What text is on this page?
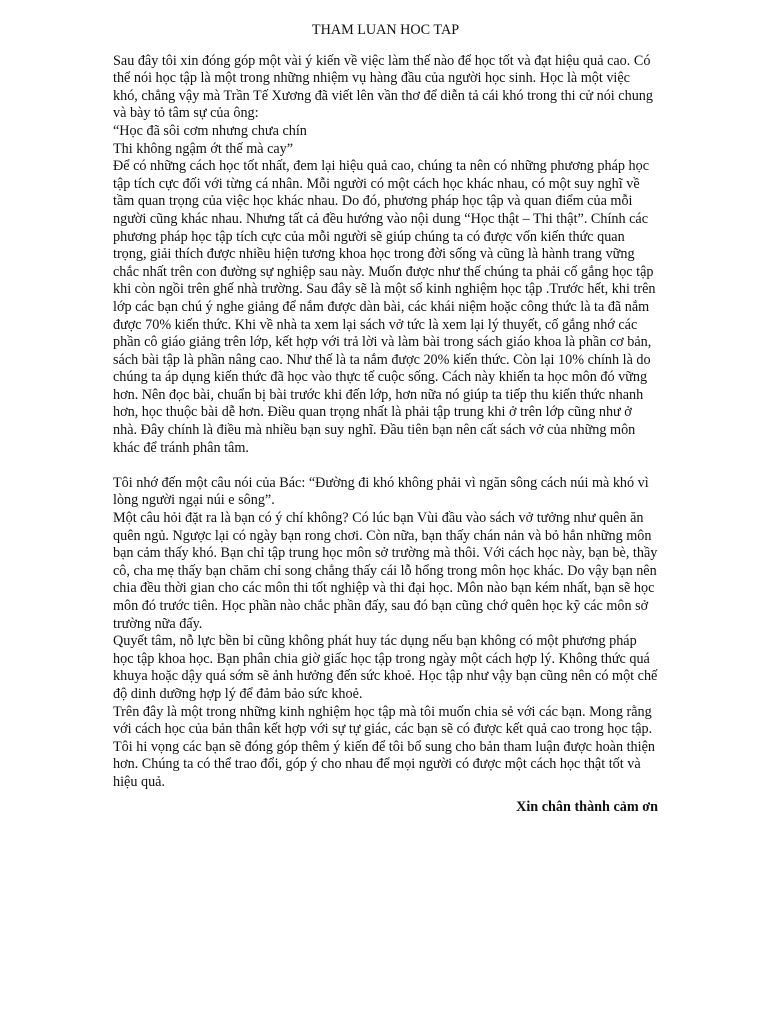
THAM LUAN HOC TAP

Sau đây tôi xin đóng góp một vài ý kiến về việc làm thế nào để học tốt và đạt hiệu quả cao. Có thể nói học tập là một trong những nhiệm vụ hàng đầu của người học sinh. Học là một việc khó, chẳng vậy mà Trần Tế Xương đã viết lên vần thơ để diễn tả cái khó trong thi cử nói chung và bày tỏ tâm sự của ông:

“Học đã sôi cơm nhưng chưa chín

Thi không ngậm ớt thế mà cay”

Để có những cách học tốt nhất, đem lại hiệu quả cao, chúng ta nên có những phương pháp học tập tích cực đối với từng cá nhân. Mỗi người có một cách học khác nhau, có một suy nghĩ về tầm quan trọng của việc học khác nhau. Do đó, phương pháp học tập và quan điểm của mỗi người cũng khác nhau. Nhưng tất cả đều hướng vào nội dung “Học thật – Thi thật”. Chính các phương pháp học tập tích cực của mỗi người sẽ giúp chúng ta có được vốn kiến thức quan trọng, giải thích được nhiều hiện tương khoa học trong đời sống và cũng là hành trang vững chắc nhất trên con đường sự nghiệp sau này. Muốn được như thế chúng ta phải cố gắng học tập khi còn ngồi trên ghế nhà trường. Sau đây sẽ là một số kinh nghiệm học tập .Trước hết, khi trên lớp các bạn chú ý nghe giảng để nắm được dàn bài, các khái niệm hoặc công thức là ta đã nắm được 70% kiến thức. Khi về nhà ta xem lại sách vở tức là xem lại lý thuyết, cố gắng nhớ các phần cô giáo giảng trên lớp, kết hợp với trả lời và làm bài trong sách giáo khoa là phần cơ bản, sách bài tập là phần nâng cao. Như thế là ta nắm được 20% kiến thức. Còn lại 10% chính là do chúng ta áp dụng kiến thức đã học vào thực tế cuộc sống. Cách này khiến ta học môn đó vững hơn. Nên đọc bài, chuẩn bị bài trước khi đến lớp, hơn nữa nó giúp ta tiếp thu kiến thức nhanh hơn, học thuộc bài dễ hơn. Điều quan trọng nhất là phải tập trung khi ở trên lớp cũng như ở nhà. Đây chính là điều mà nhiều bạn suy nghĩ. Đầu tiên bạn nên cất sách vở của những môn khác để tránh phân tâm.

Tôi nhớ đến một câu nói của Bác: “Đường đi khó không phải vì ngăn sông cách núi mà khó vì lòng người ngại núi e sông”.

Một câu hỏi đặt ra là bạn có ý chí không? Có lúc bạn Vùi đầu vào sách vở tưởng như quên ăn quên ngủ. Ngược lại có ngày bạn rong chơi. Còn nữa, bạn thấy chán nản và bỏ hẳn những môn bạn cảm thấy khó. Bạn chỉ tập trung học môn sở trường mà thôi. Với cách học này, bạn bè, thầy cô, cha mẹ thấy bạn chăm chỉ song chẳng thấy cái lỗ hổng trong môn học khác. Do vậy bạn nên chia đều thời gian cho các môn thi tốt nghiệp và thi đại học. Môn nào bạn kém nhất, bạn sẽ học môn đó trước tiên. Học phần nào chắc phần đấy, sau đó bạn cũng chớ quên học kỹ các môn sở trường nữa đấy.

Quyết tâm, nỗ lực bền bỉ cũng không phát huy tác dụng nếu bạn không có một phương pháp học tập khoa học. Bạn phân chia giờ giấc học tập trong ngày một cách hợp lý. Không thức quá khuya hoặc dậy quá sớm sẽ ảnh hưởng đến sức khoẻ. Học tập như vậy bạn cũng nên có một chế độ dinh dưỡng hợp lý để đảm bảo sức khoẻ.

Trên đây là một trong những kinh nghiệm học tập mà tôi muốn chia sẻ với các bạn. Mong rằng với cách học của bản thân kết hợp với sự tự giác, các bạn sẽ có được kết quả cao trong học tập.

Tôi hi vọng các bạn sẽ đóng góp thêm ý kiến để tôi bổ sung cho bản tham luận được hoàn thiện hơn. Chúng ta có thể trao đổi, góp ý cho nhau để mọi người có được một cách học thật tốt và hiệu quả.

Xin chân thành cảm ơn
